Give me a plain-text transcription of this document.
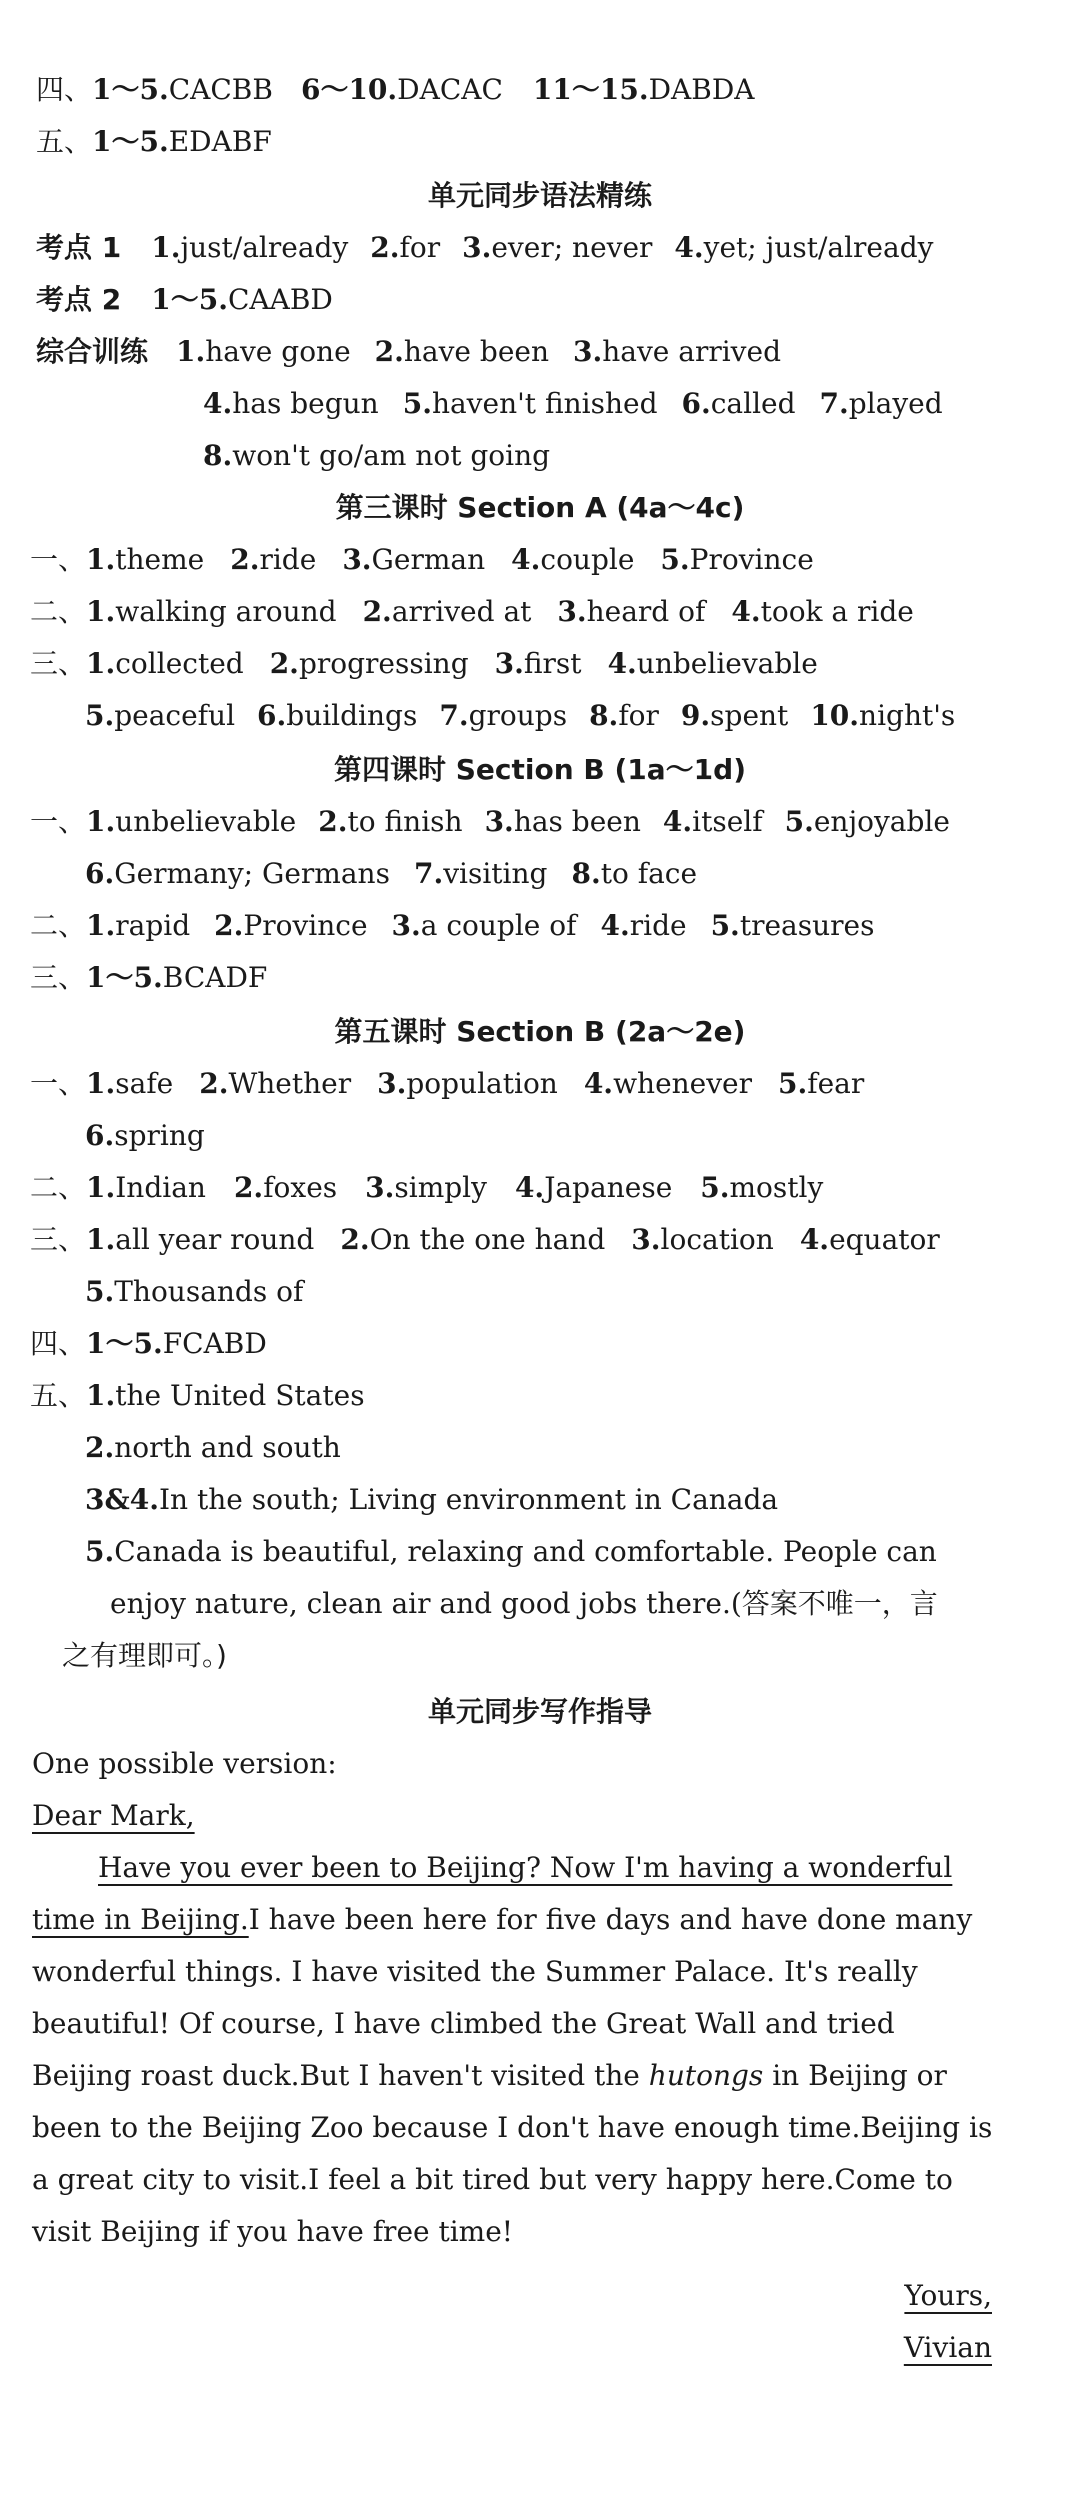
四、1～5.CACBB 6～10.DACAC 11～15.DABDA
五、1～5.EDABF
单元同步语法精练
考点 1 1.just/already 2.for 3.ever; never 4.yet; just/already
考点 2 1～5.CAABD
综合训练 1.have gone 2.have been 3.have arrived
4.has begun 5.haven't finished 6.called 7.played
8.won't go/am not going
第三课时 Section A (4a～4c)
一、1.theme 2.ride 3.German 4.couple 5.Province
二、1.walking around 2.arrived at 3.heard of 4.took a ride
三、1.collected 2.progressing 3.first 4.unbelievable
5.peaceful 6.buildings 7.groups 8.for 9.spent 10.night's
第四课时 Section B (1a～1d)
一、1.unbelievable 2.to finish 3.has been 4.itself 5.enjoyable
6.Germany; Germans 7.visiting 8.to face
二、1.rapid 2.Province 3.a couple of 4.ride 5.treasures
三、1～5.BCADF
第五课时 Section B (2a～2e)
一、1.safe 2.Whether 3.population 4.whenever 5.fear
6.spring
二、1.Indian 2.foxes 3.simply 4.Japanese 5.mostly
三、1.all year round 2.On the one hand 3.location 4.equator
5.Thousands of
四、1～5.FCABD
五、1.the United States
2.north and south
3&4.In the south; Living environment in Canada
5.Canada is beautiful, relaxing and comfortable. People can
enjoy nature, clean air and good jobs there.(答案不唯一，言
之有理即可。)
单元同步写作指导
One possible version:
Dear Mark,
Have you ever been to Beijing? Now I'm having a wonderful
time in Beijing.I have been here for five days and have done many
wonderful things. I have visited the Summer Palace. It's really
beautiful! Of course, I have climbed the Great Wall and tried
Beijing roast duck.But I haven't visited the hutongs in Beijing or
been to the Beijing Zoo because I don't have enough time.Beijing is
a great city to visit.I feel a bit tired but very happy here.Come to
visit Beijing if you have free time!
Yours,
Vivian
